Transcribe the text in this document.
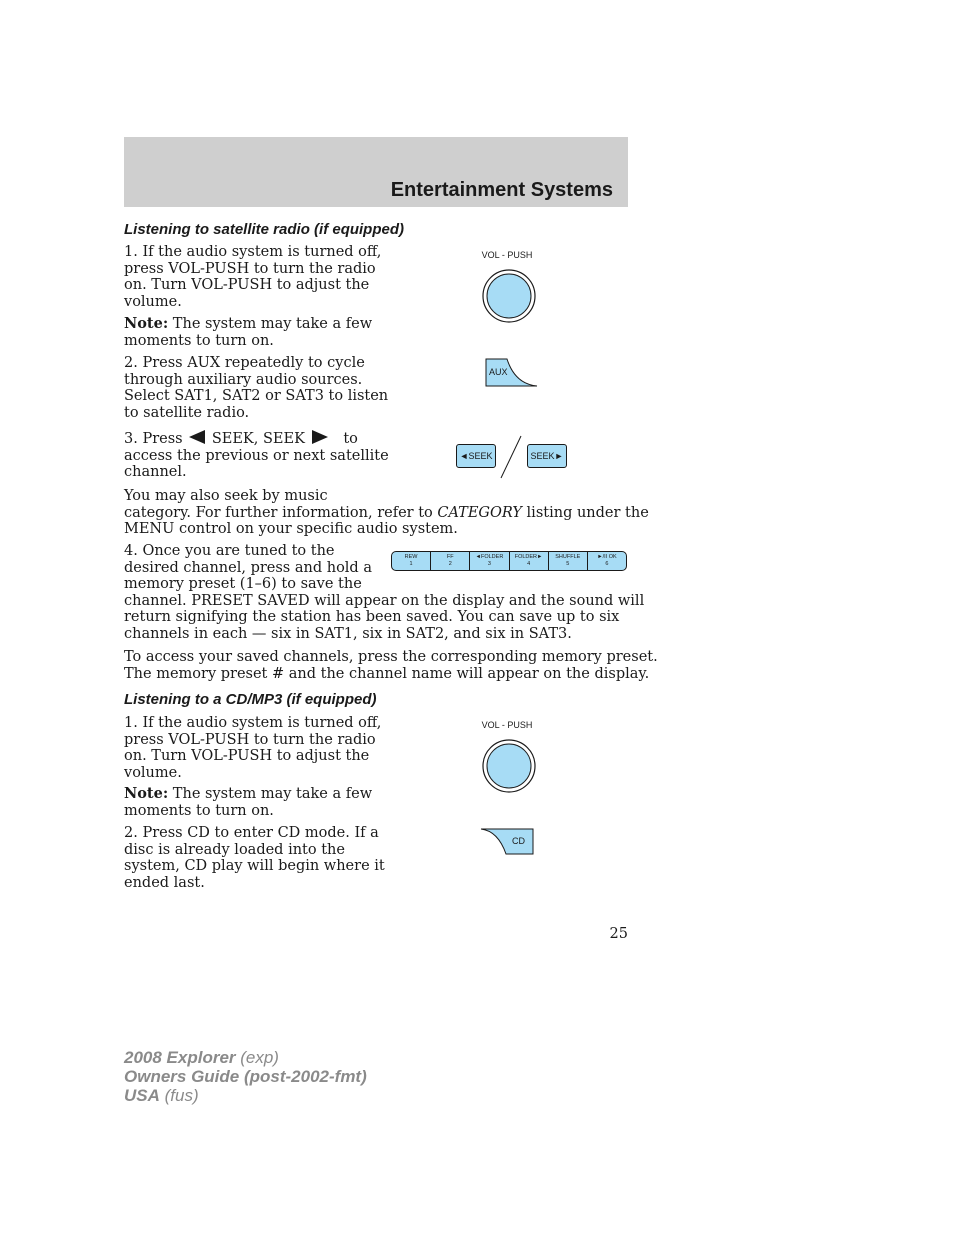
Entertainment Systems
Listening to satellite radio (if equipped)

1. If the audio system is turned off,
press VOL-PUSH to turn the radio
on. Turn VOL-PUSH to adjust the
volume.

Note: The system may take a few
moments to turn on.

2. Press AUX repeatedly to cycle
through auxiliary audio sources.
Select SAT1, SAT2 or SAT3 to listen
to satellite radio.

3. Press SEEK, SEEK	to
access the previous or next satellite
channel.

You may also seek by music
category. For further information, refer to CATEGORY listing under the
MENU control on your specific audio system.

4. Once you are tuned to the
desired channel, press and hold a
memory preset (1–6) to save the
channel. PRESET SAVED will appear on the display and the sound will
return signifying the station has been saved. You can save up to six
channels in each — six in SAT1, six in SAT2, and six in SAT3.

To access your saved channels, press the corresponding memory preset.
The memory preset # and the channel name will appear on the display.

Listening to a CD/MP3 (if equipped)

1. If the audio system is turned off,
press VOL-PUSH to turn the radio
on. Turn VOL-PUSH to adjust the
volume.

Note: The system may take a few
moments to turn on.

2. Press CD to enter CD mode. If a
disc is already loaded into the
system, CD play will begin where it
ended last.

VOL - PUSH

AUX
◄SEEK	SEEK►
REW
1
FF
2
◄FOLDER
3
FOLDER►
4
SHUFFLE
5
►/II OK
6

VOL - PUSH

CD

25

2008 Explorer (exp)
Owners Guide (post-2002-fmt)
USA (fus)
